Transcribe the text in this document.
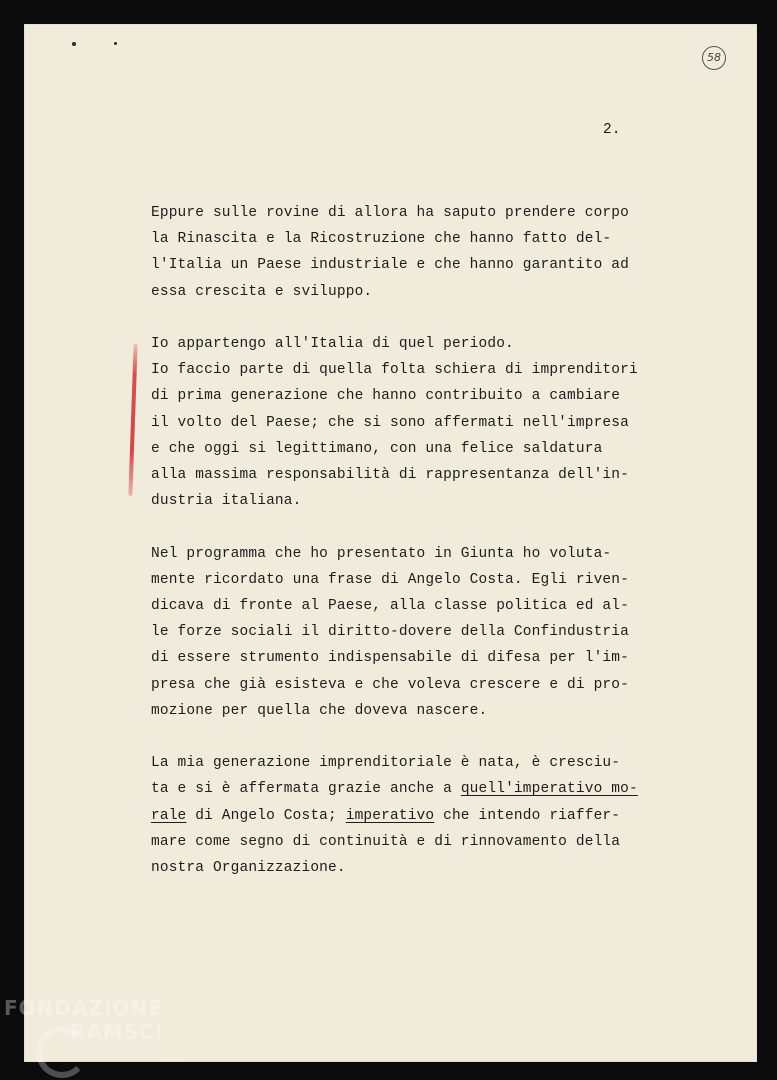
58
2.
Eppure sulle rovine di allora ha saputo prendere corpo
la Rinascita e la Ricostruzione che hanno fatto del-
l'Italia un Paese industriale e che hanno garantito ad
essa crescita e sviluppo.
Io appartengo all'Italia di quel periodo.
Io faccio parte di quella folta schiera di imprenditori
di prima generazione che hanno contribuito a cambiare
il volto del Paese; che si sono affermati nell'impresa
e che oggi si legittimano, con una felice saldatura
alla massima responsabilità di rappresentanza dell'in-
dustria italiana.
Nel programma che ho presentato in Giunta ho voluta-
mente ricordato una frase di Angelo Costa. Egli riven-
dicava di fronte al Paese, alla classe politica ed al-
le forze sociali il diritto-dovere della Confindustria
di essere strumento indispensabile di difesa per l'im-
presa che già esisteva e che voleva crescere e di pro-
mozione per quella che doveva nascere.
La mia generazione imprenditoriale è nata, è cresciu-
ta e si è affermata grazie anche a quell'imperativo mo-
rale di Angelo Costa; imperativo che intendo riaffer-
mare come segno di continuità e di rinnovamento della
nostra Organizzazione.
FONDAZIONE
RAMSCI
onlus
